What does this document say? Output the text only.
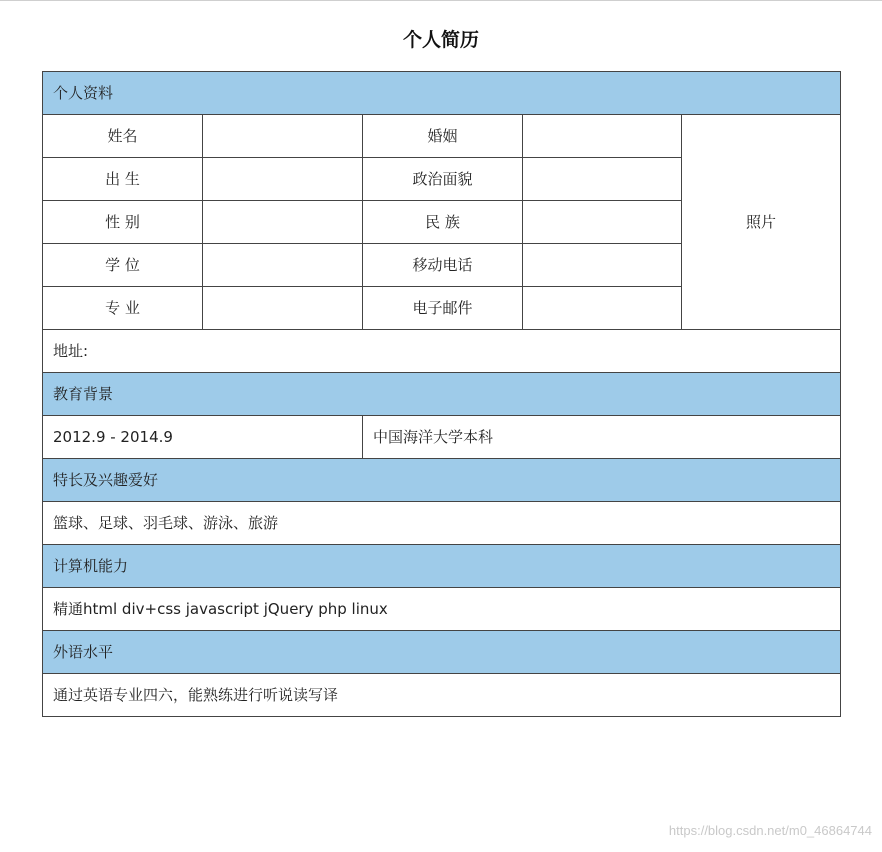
个人简历
个人资料				
姓名		婚姻		照片
出 生		政治面貌		
性 别		民 族		
学 位		移动电话		
专 业		电子邮件		
地址:				
教育背景				
2012.9 - 2014.9		中国海洋大学本科		
特长及兴趣爱好				
篮球、足球、羽毛球、游泳、旅游				
计算机能力				
精通html div+css javascript jQuery php linux				
外语水平				
通过英语专业四六，能熟练进行听说读写译				
https://blog.csdn.net/m0_46864744
